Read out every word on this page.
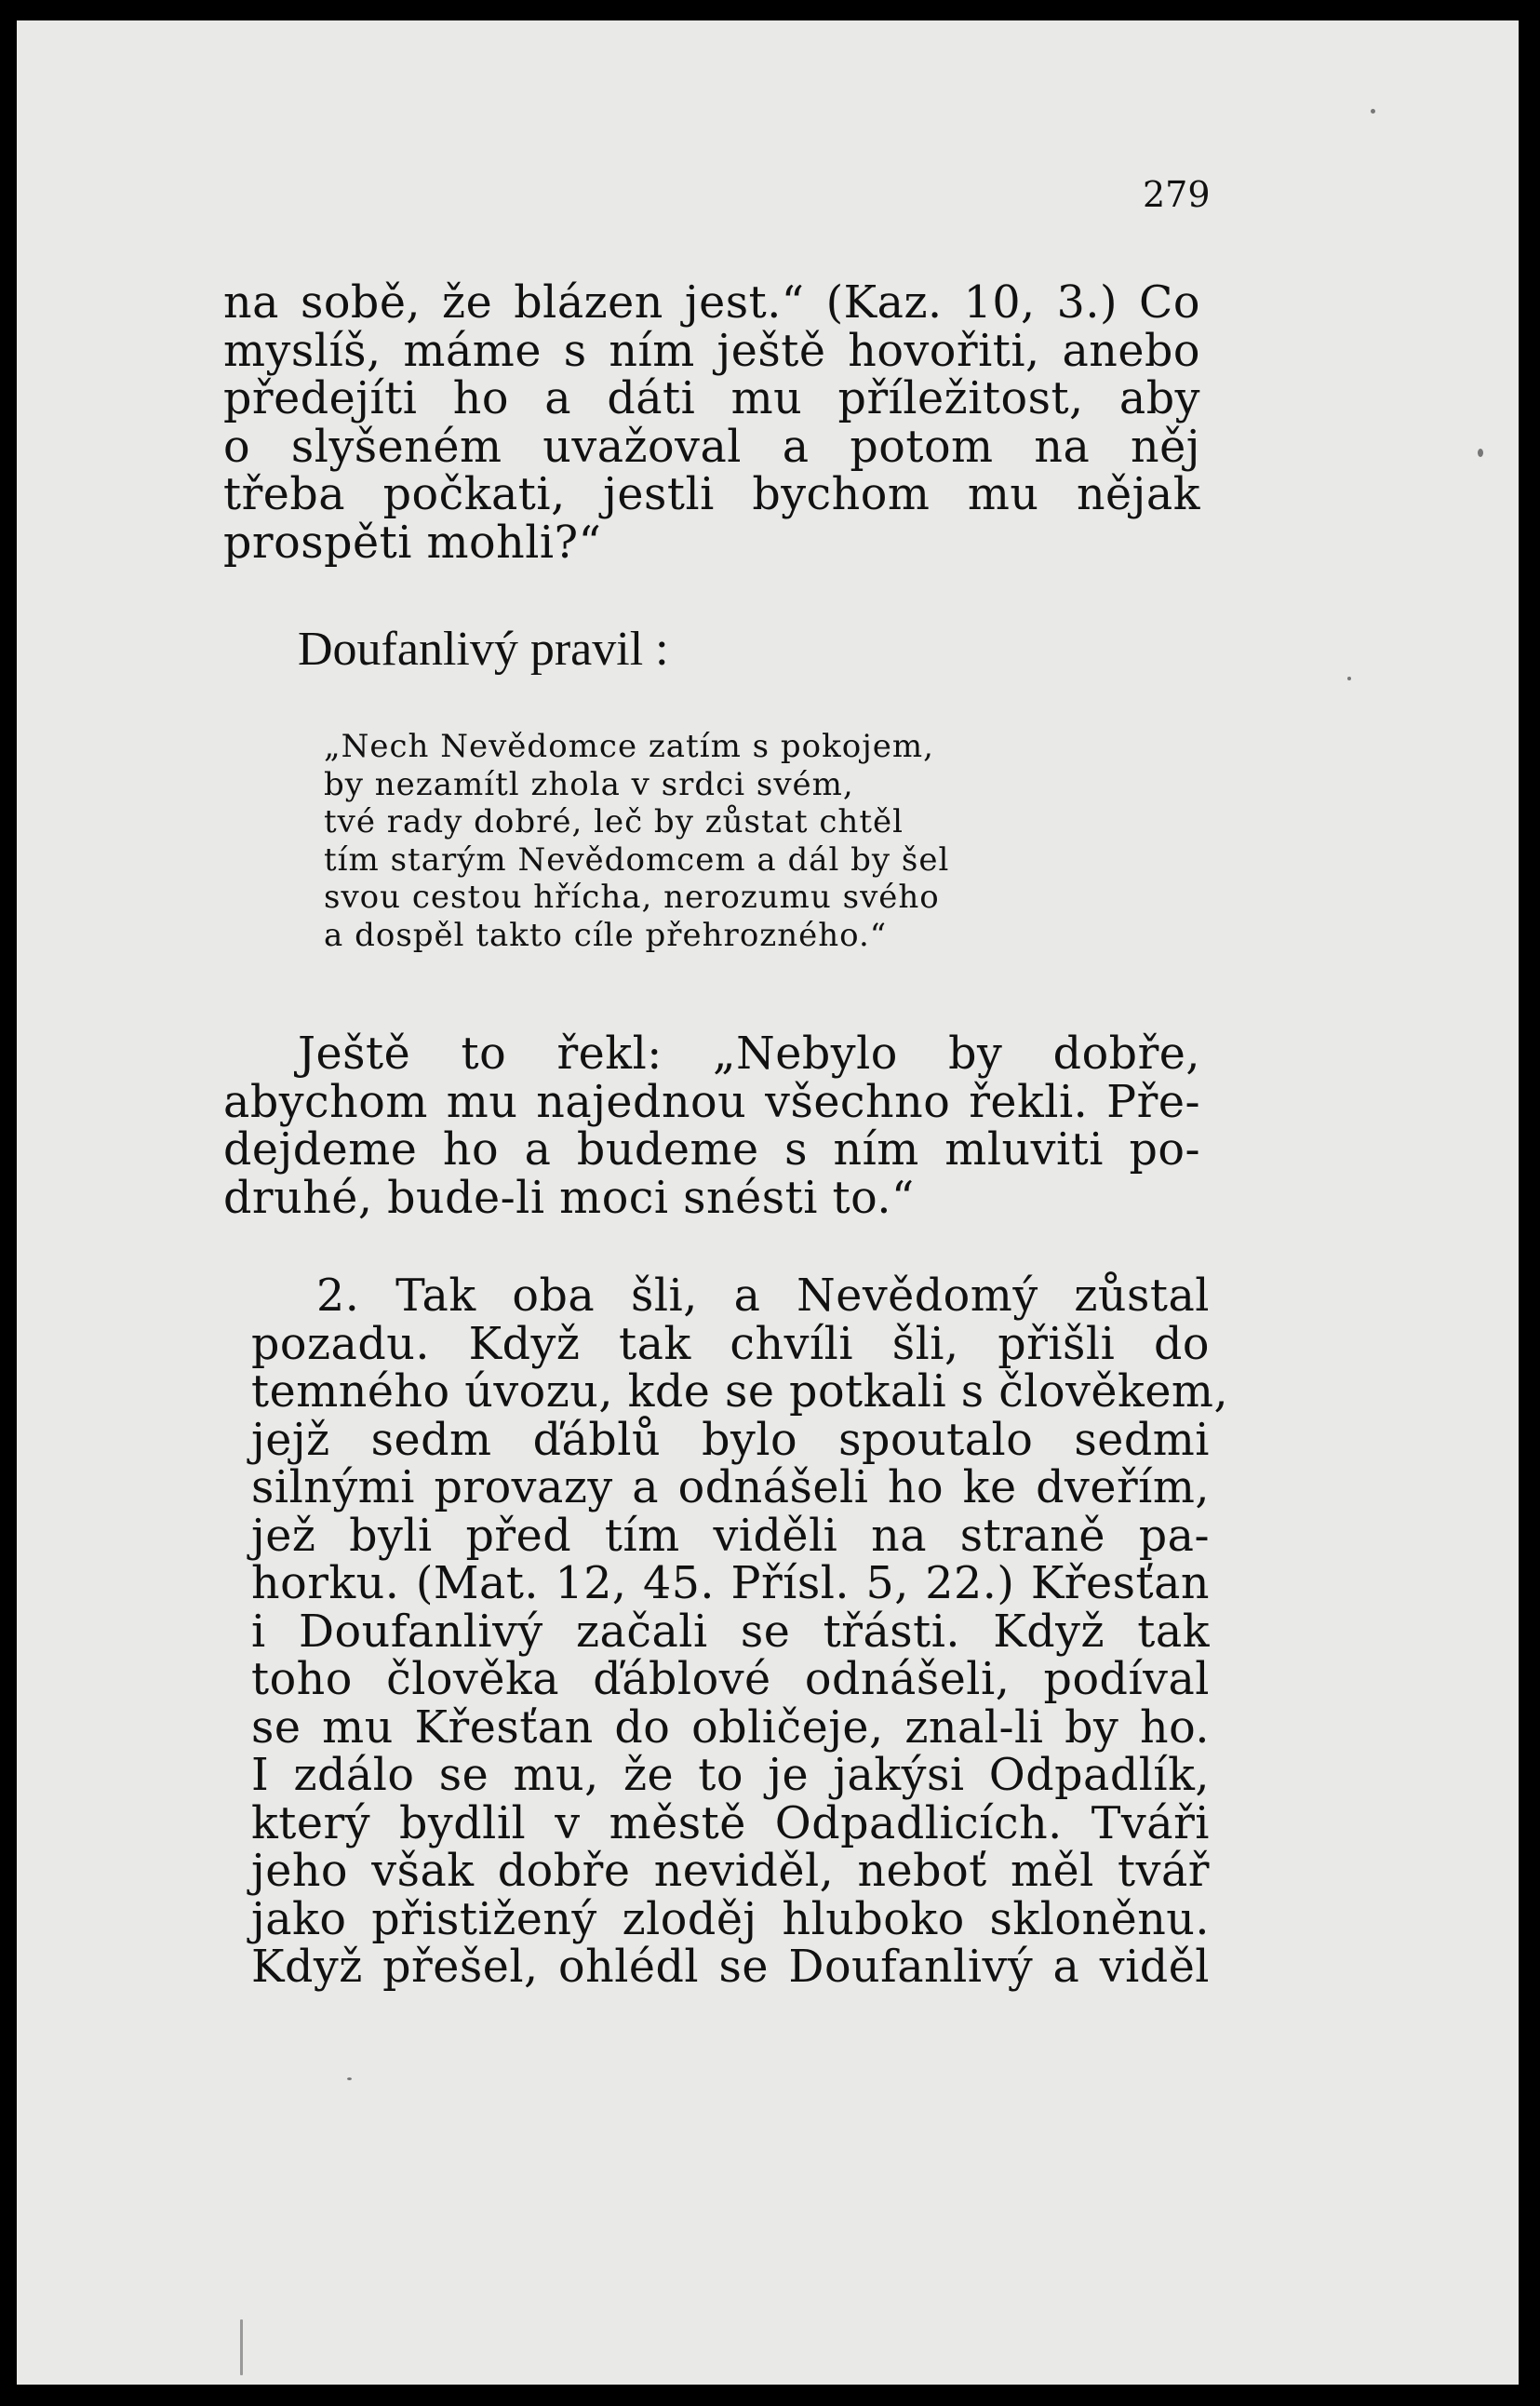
279

na sobě, že blázen jest.“ (Kaz. 10, 3.) Co
myslíš, máme s ním ještě hovořiti, anebo
předejíti ho a dáti mu příležitost, aby
o slyšeném uvažoval a potom na něj
třeba počkati, jestli bychom mu nějak
prospěti mohli?“

Doufanlivý pravil :

„Nech Nevědomce zatím s pokojem,
by nezamítl zhola v srdci svém,
tvé rady dobré, leč by zůstat chtěl
tím starým Nevědomcem a dál by šel
svou cestou hřícha, nerozumu svého
a dospěl takto cíle přehrozného.“

Ještě to řekl: „Nebylo by dobře,
abychom mu najednou všechno řekli. Pře-
dejdeme ho a budeme s ním mluviti po-
druhé, bude-li moci snésti to.“

2. Tak oba šli, a Nevědomý zůstal
pozadu. Když tak chvíli šli, přišli do
temného úvozu, kde se potkali s člověkem,
jejž sedm ďáblů bylo spoutalo sedmi
silnými provazy a odnášeli ho ke dveřím,
jež byli před tím viděli na straně pa-
horku. (Mat. 12, 45. Přísl. 5, 22.) Křesťan
i Doufanlivý začali se třásti. Když tak
toho člověka ďáblové odnášeli, podíval
se mu Křesťan do obličeje, znal-li by ho.
I zdálo se mu, že to je jakýsi Odpadlík,
který bydlil v městě Odpadlicích. Tváři
jeho však dobře neviděl, neboť měl tvář
jako přistižený zloděj hluboko skloněnu.
Když přešel, ohlédl se Doufanlivý a viděl
